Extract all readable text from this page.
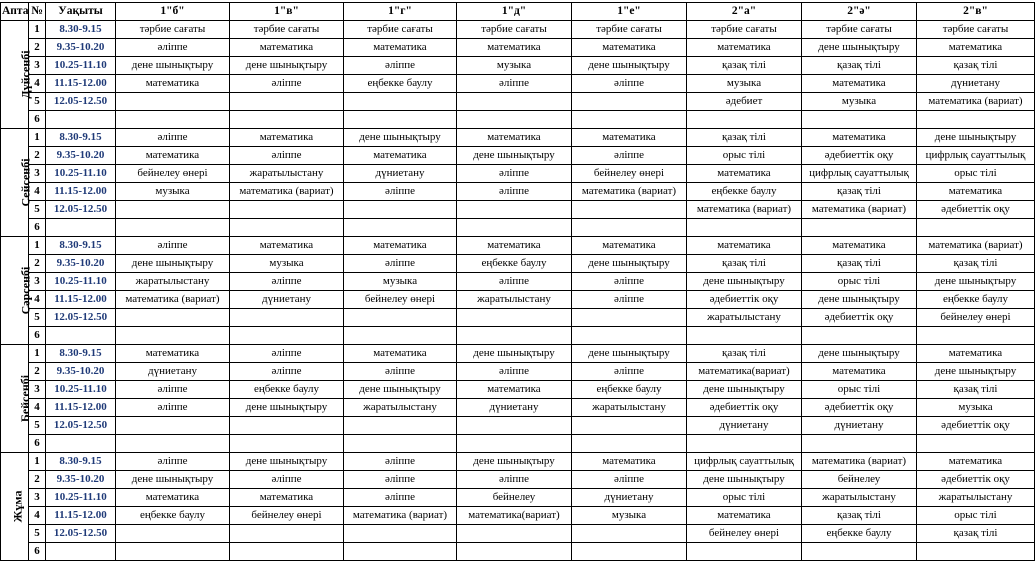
Апта	№	Уақыты	1"б"	1"в"	1"г"	1"д"	1"е"	2"а"	2"ә"	2"в"
Дүйсенбі	1	8.30-9.15	тәрбие сағаты	тәрбие сағаты	тәрбие сағаты	тәрбие сағаты	тәрбие сағаты	тәрбие сағаты	тәрбие сағаты	тәрбие сағаты
	2	9.35-10.20	әліппе	математика	математика	математика	математика	математика	дене шынықтыру	математика
	3	10.25-11.10	дене шынықтыру	дене шынықтыру	әліппе	музыка	дене шынықтыру	қазақ тілі	қазақ тілі	қазақ тілі
	4	11.15-12.00	математика	әліппе	еңбекке баулу	әліппе	әліппе	музыка	математика	дүниетану
	5	12.05-12.50						әдебиет	музыка	математика (вариат)
	6									
Сейсенбі	1	8.30-9.15	әліппе	математика	дене шынықтыру	математика	математика	қазақ тілі	математика	дене шынықтыру
	2	9.35-10.20	математика	әліппе	математика	дене шынықтыру	әліппе	орыс тілі	әдебиеттік оқу	цифрлық сауаттылық
	3	10.25-11.10	бейнелеу өнері	жаратылыстану	дүниетану	әліппе	бейнелеу өнері	математика	цифрлық сауаттылық	орыс тілі
	4	11.15-12.00	музыка	математика (вариат)	әліппе	әліппе	математика (вариат)	еңбекке баулу	қазақ тілі	математика
	5	12.05-12.50						математика (вариат)	математика (вариат)	әдебиеттік оқу
	6									
Сәрсенбі	1	8.30-9.15	әліппе	математика	математика	математика	математика	математика	математика	математика (вариат)
	2	9.35-10.20	дене шынықтыру	музыка	әліппе	еңбекке баулу	дене шынықтыру	қазақ тілі	қазақ тілі	қазақ тілі
	3	10.25-11.10	жаратылыстану	әліппе	музыка	әліппе	әліппе	дене шынықтыру	орыс тілі	дене шынықтыру
	4	11.15-12.00	математика (вариат)	дүниетану	бейнелеу өнері	жаратылыстану	әліппе	әдебиеттік оқу	дене шынықтыру	еңбекке баулу
	5	12.05-12.50						жаратылыстану	әдебиеттік оқу	бейнелеу өнері
	6									
Бейсенбі	1	8.30-9.15	математика	әліппе	математика	дене шынықтыру	дене шынықтыру	қазақ тілі	дене шынықтыру	математика
	2	9.35-10.20	дүниетану	әліппе	әліппе	әліппе	әліппе	математика(вариат)	математика	дене шынықтыру
	3	10.25-11.10	әліппе	еңбекке баулу	дене шынықтыру	математика	еңбекке баулу	дене шынықтыру	орыс тілі	қазақ тілі
	4	11.15-12.00	әліппе	дене шынықтыру	жаратылыстану	дүниетану	жаратылыстану	әдебиеттік оқу	әдебиеттік оқу	музыка
	5	12.05-12.50						дүниетану	дүниетану	әдебиеттік оқу
	6									
Жұма	1	8.30-9.15	әліппе	дене шынықтыру	әліппе	дене шынықтыру	математика	цифрлық сауаттылық	математика (вариат)	математика
	2	9.35-10.20	дене шынықтыру	әліппе	әліппе	әліппе	әліппе	дене шынықтыру	бейнелеу	әдебиеттік оқу
	3	10.25-11.10	математика	математика	әліппе	бейнелеу	дүниетану	орыс тілі	жаратылыстану	жаратылыстану
	4	11.15-12.00	еңбекке баулу	бейнелеу өнері	математика (вариат)	математика(вариат)	музыка	математика	қазақ тілі	орыс тілі
	5	12.05-12.50						бейнелеу өнері	еңбекке баулу	қазақ тілі
	6									
